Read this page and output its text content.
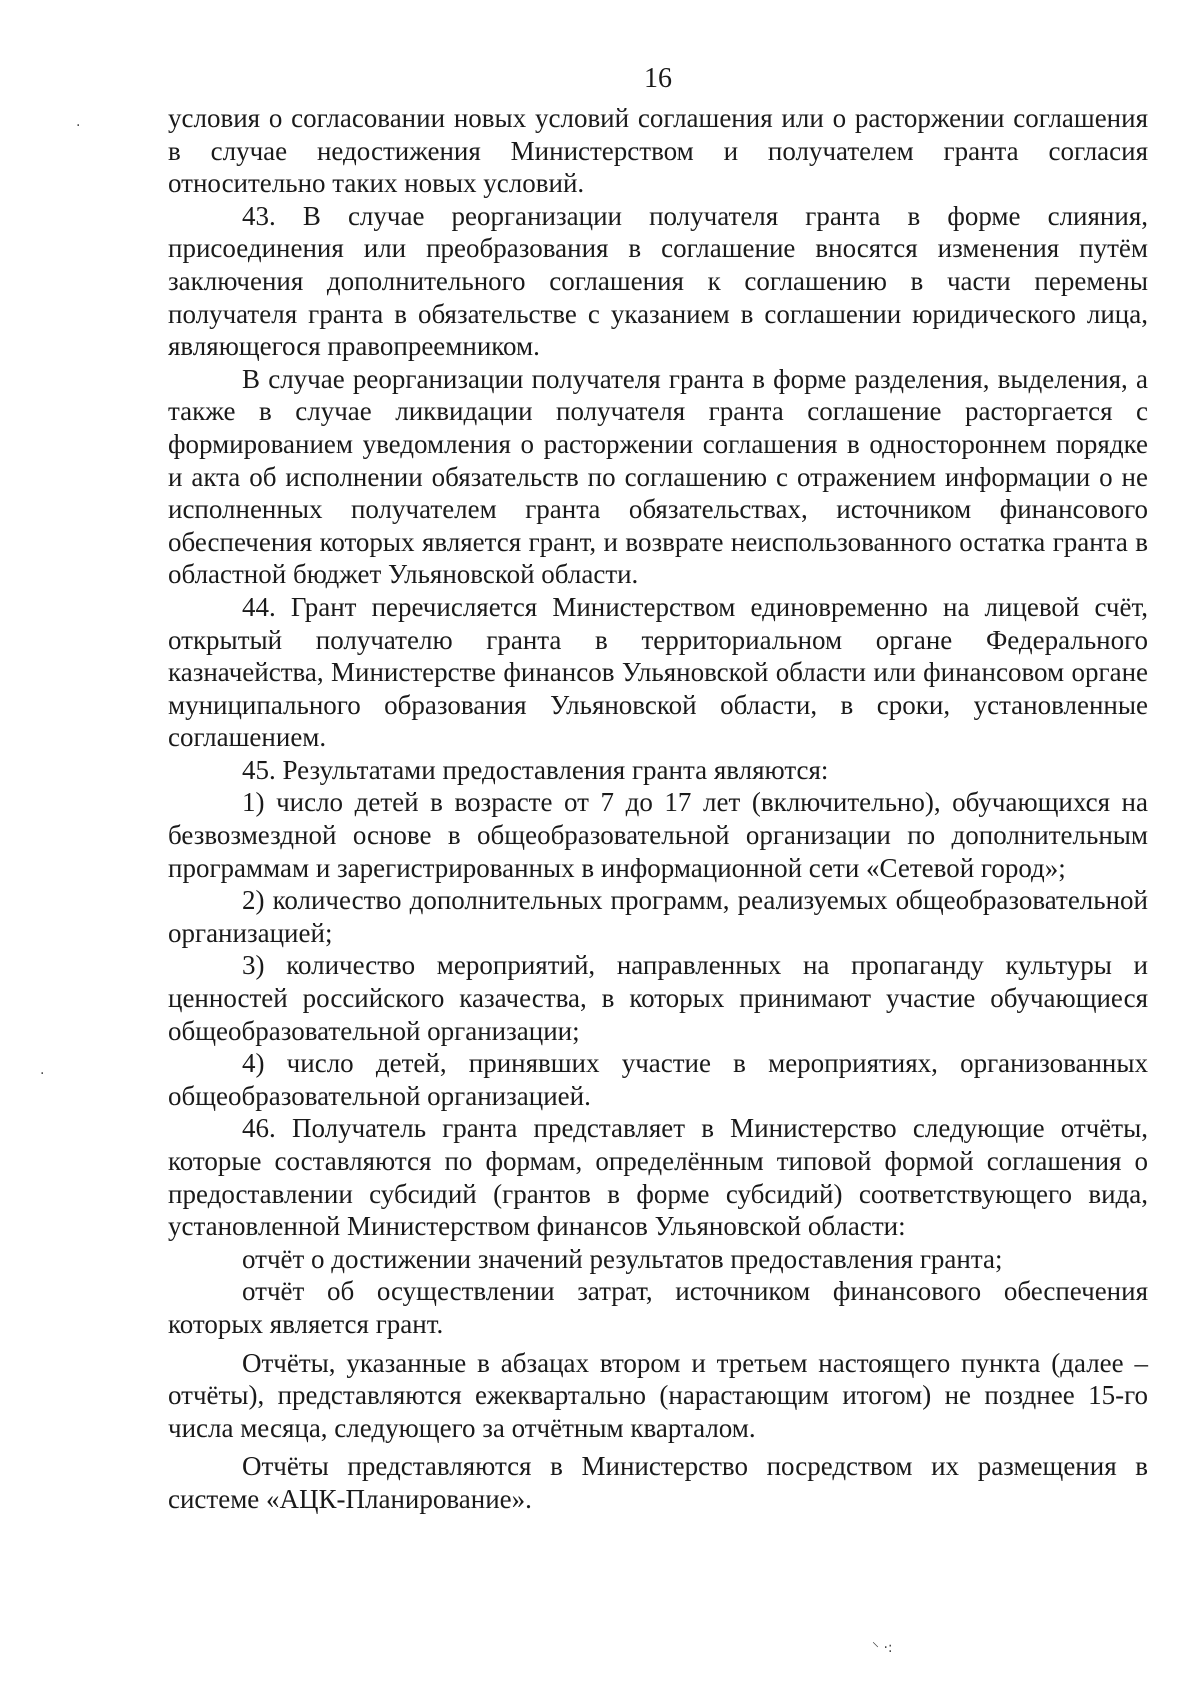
16

условия о согласовании новых условий соглашения или о расторжении соглашения в случае недостижения Министерством и получателем гранта согласия относительно таких новых условий.

43. В случае реорганизации получателя гранта в форме слияния, присоединения или преобразования в соглашение вносятся изменения путём заключения дополнительного соглашения к соглашению в части перемены получателя гранта в обязательстве с указанием в соглашении юридического лица, являющегося правопреемником.

В случае реорганизации получателя гранта в форме разделения, выделения, а также в случае ликвидации получателя гранта соглашение расторгается с формированием уведомления о расторжении соглашения в одностороннем порядке и акта об исполнении обязательств по соглашению с отражением информации о не исполненных получателем гранта обязательствах, источником финансового обеспечения которых является грант, и возврате неиспользованного остатка гранта в областной бюджет Ульяновской области.

44. Грант перечисляется Министерством единовременно на лицевой счёт, открытый получателю гранта в территориальном органе Федерального казначейства, Министерстве финансов Ульяновской области или финансовом органе муниципального образования Ульяновской области, в сроки, установленные соглашением.

45. Результатами предоставления гранта являются:

1) число детей в возрасте от 7 до 17 лет (включительно), обучающихся на безвозмездной основе в общеобразовательной организации по дополнительным программам и зарегистрированных в информационной сети «Сетевой город»;

2) количество дополнительных программ, реализуемых общеобразовательной организацией;

3) количество мероприятий, направленных на пропаганду культуры и ценностей российского казачества, в которых принимают участие обучающиеся общеобразовательной организации;

4) число детей, принявших участие в мероприятиях, организованных общеобразовательной организацией.

46. Получатель гранта представляет в Министерство следующие отчёты, которые составляются по формам, определённым типовой формой соглашения о предоставлении субсидий (грантов в форме субсидий) соответствующего вида, установленной Министерством финансов Ульяновской области:

отчёт о достижении значений результатов предоставления гранта;

отчёт об осуществлении затрат, источником финансового обеспечения которых является грант.

Отчёты, указанные в абзацах втором и третьем настоящего пункта (далее – отчёты), представляются ежеквартально (нарастающим итогом) не позднее 15-го числа месяца, следующего за отчётным кварталом.

Отчёты представляются в Министерство посредством их размещения в системе «АЦК-Планирование».

·
·
⸌ ·:
